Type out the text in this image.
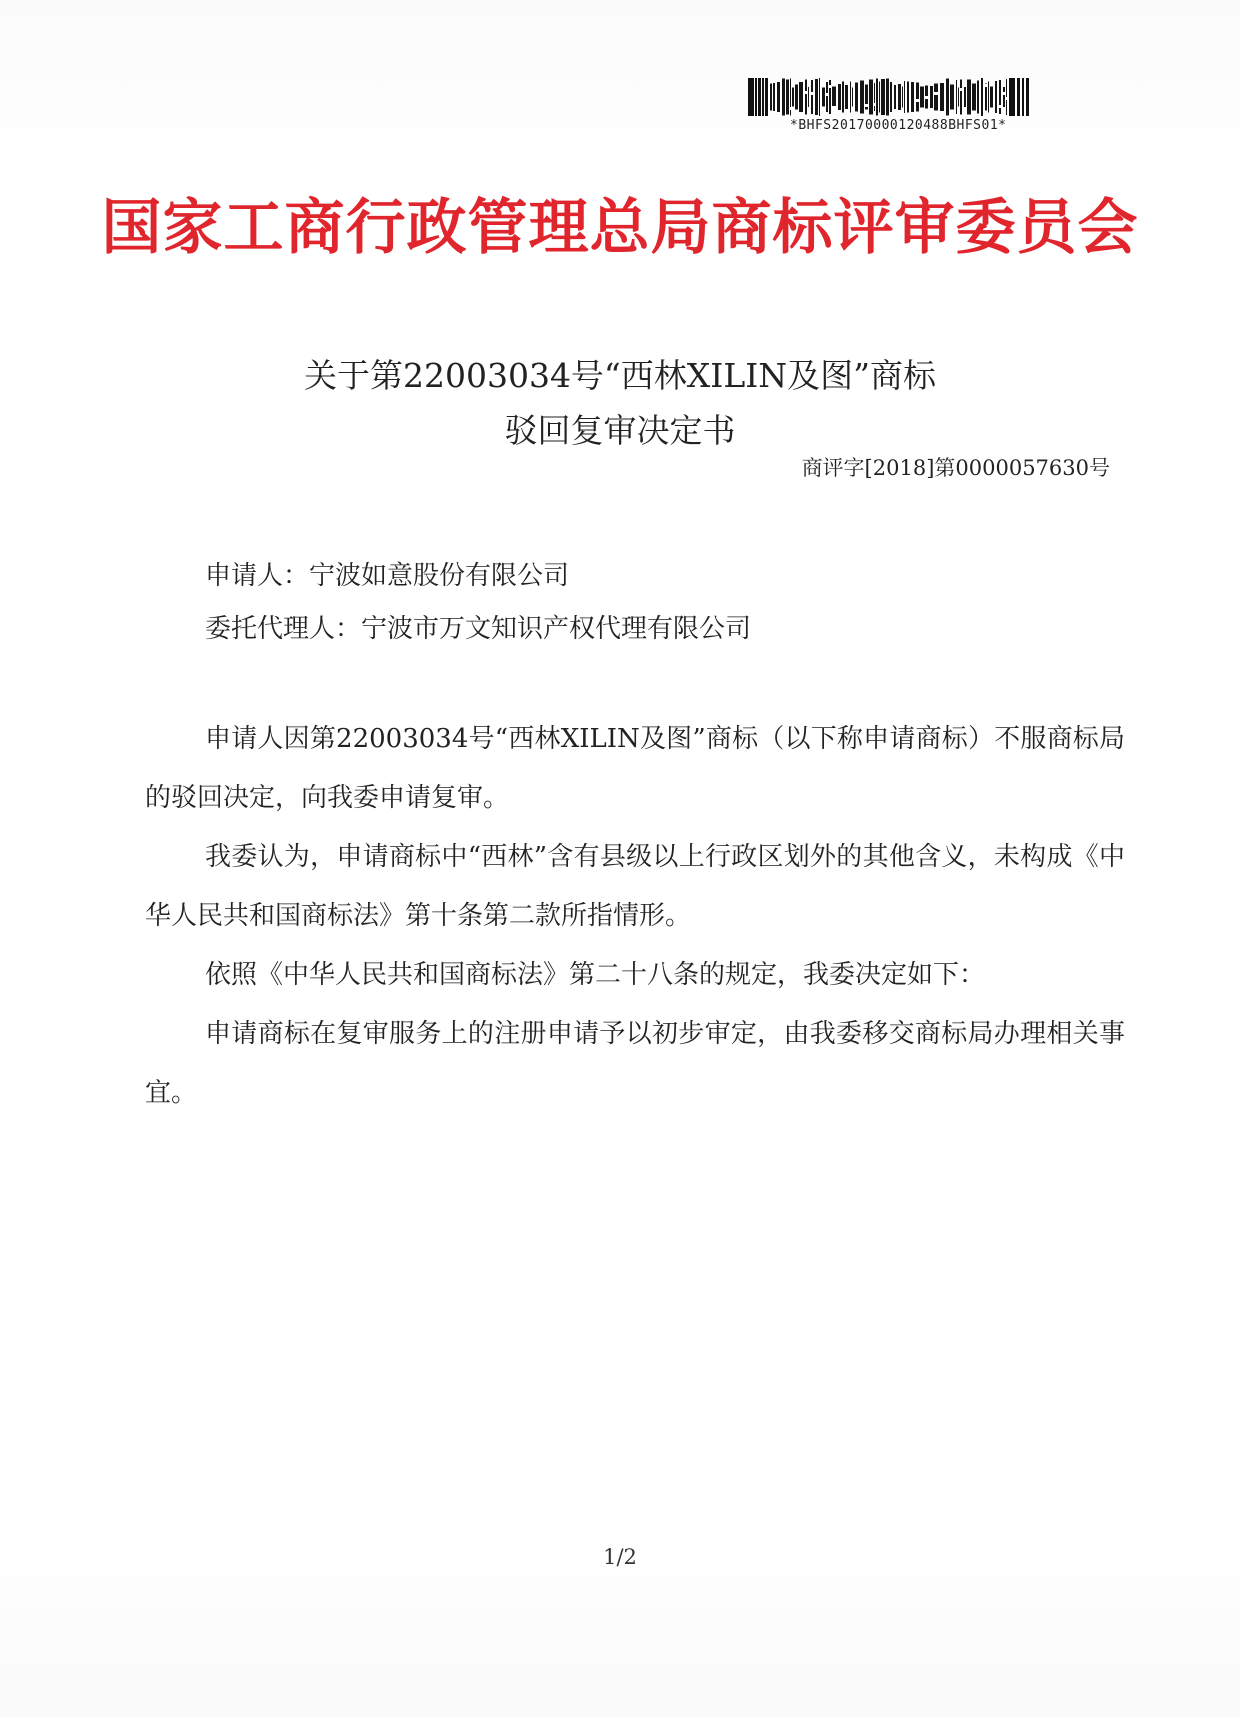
*BHFS20170000120488BHFS01*
国家工商行政管理总局商标评审委员会
关于第22003034号“西林XILIN及图”商标
驳回复审决定书
商评字[2018]第0000057630号
申请人：宁波如意股份有限公司
委托代理人：宁波市万文知识产权代理有限公司

申请人因第22003034号“西林XILIN及图”商标（以下称申请商标）不服商标局的驳回决定，向我委申请复审。

我委认为，申请商标中“西林”含有县级以上行政区划外的其他含义，未构成《中华人民共和国商标法》第十条第二款所指情形。

依照《中华人民共和国商标法》第二十八条的规定，我委决定如下：

申请商标在复审服务上的注册申请予以初步审定，由我委移交商标局办理相关事宜。

1/2
